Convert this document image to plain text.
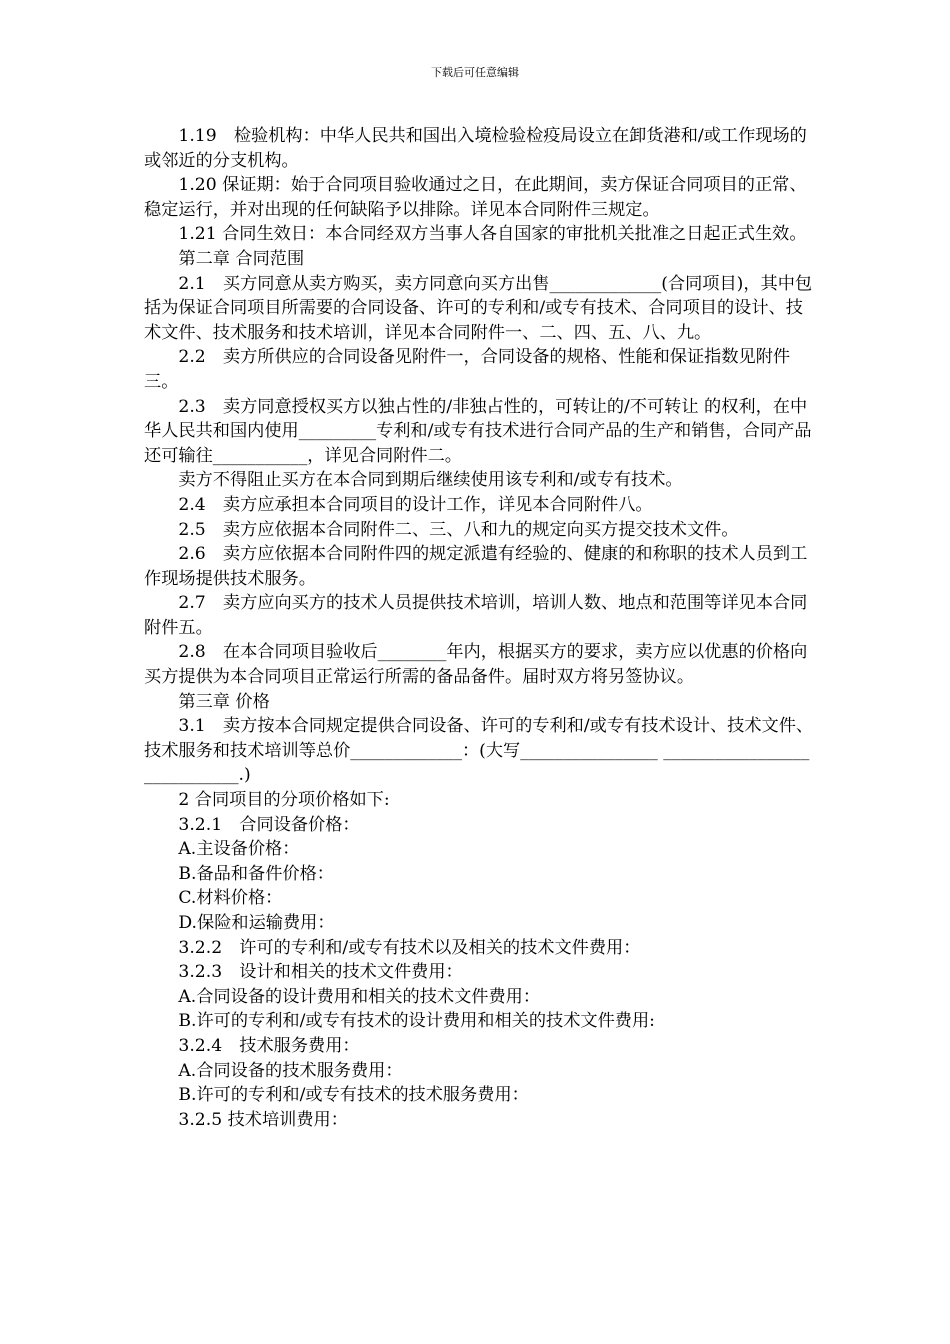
下载后可任意编辑

1.19　检验机构：中华人民共和国出入境检验检疫局设立在卸货港和/或工作现场的或邻近的分支机构。

1.20 保证期：始于合同项目验收通过之日，在此期间，卖方保证合同项目的正常、稳定运行，并对出现的任何缺陷予以排除。详见本合同附件三规定。

1.21 合同生效日：本合同经双方当事人各自国家的审批机关批准之日起正式生效。

第二章 合同范围

2.1　买方同意从卖方购买，卖方同意向买方出售_____________(合同项目)，其中包括为保证合同项目所需要的合同设备、许可的专利和/或专有技术、合同项目的设计、技术文件、技术服务和技术培训，详见本合同附件一、二、四、五、八、九。

2.2　卖方所供应的合同设备见附件一，合同设备的规格、性能和保证指数见附件三。

2.3　卖方同意授权买方以独占性的/非独占性的，可转让的/不可转让 的权利，在中华人民共和国内使用_________专利和/或专有技术进行合同产品的生产和销售，合同产品还可输往___________，详见合同附件二。

卖方不得阻止买方在本合同到期后继续使用该专利和/或专有技术。

2.4　卖方应承担本合同项目的设计工作，详见本合同附件八。

2.5　卖方应依据本合同附件二、三、八和九的规定向买方提交技术文件。

2.6　卖方应依据本合同附件四的规定派遣有经验的、健康的和称职的技术人员到工作现场提供技术服务。

2.7　卖方应向买方的技术人员提供技术培训，培训人数、地点和范围等详见本合同附件五。

2.8　在本合同项目验收后________年内，根据买方的要求，卖方应以优惠的价格向买方提供为本合同项目正常运行所需的备品备件。届时双方将另签协议。

第三章 价格

3.1　卖方按本合同规定提供合同设备、许可的专利和/或专有技术设计、技术文件、技术服务和技术培训等总价_____________：(大写________________ ____________________________.)

2 合同项目的分项价格如下:

3.2.1　合同设备价格：

A.主设备价格：

B.备品和备件价格：

C.材料价格：

D.保险和运输费用：

3.2.2　许可的专利和/或专有技术以及相关的技术文件费用：

3.2.3　设计和相关的技术文件费用：

A.合同设备的设计费用和相关的技术文件费用：

B.许可的专利和/或专有技术的设计费用和相关的技术文件费用:

3.2.4　技术服务费用：

A.合同设备的技术服务费用：

B.许可的专利和/或专有技术的技术服务费用：

3.2.5 技术培训费用：
